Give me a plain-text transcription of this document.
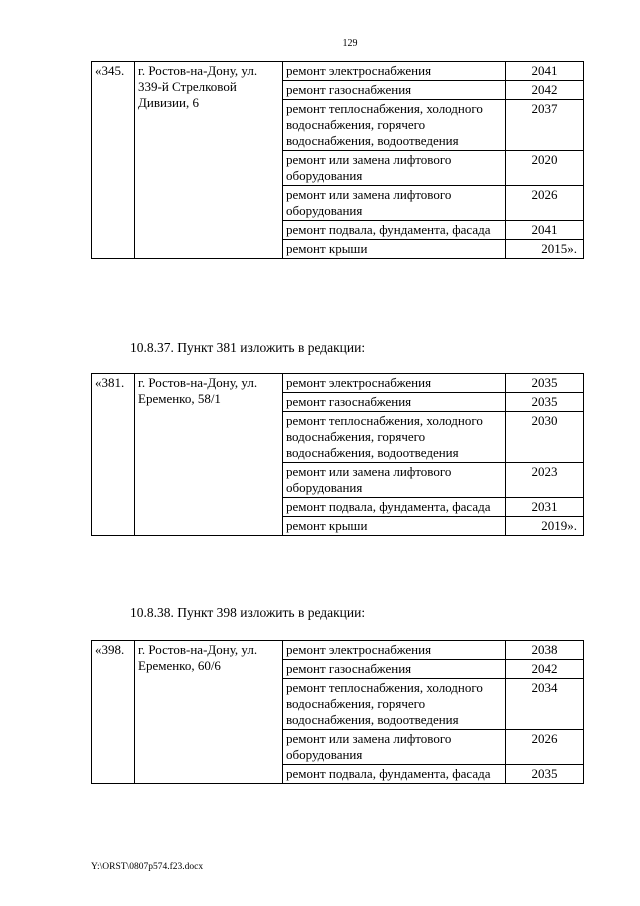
129
«345.	г. Ростов-на-Дону, ул. 339-й Стрелковой Дивизии, 6	ремонт электроснабжения	2041
		ремонт газоснабжения	2042
		ремонт теплоснабжения, холодного водоснабжения, горячего водоснабжения, водоотведения	2037
		ремонт или замена лифтового оборудования	2020
		ремонт или замена лифтового оборудования	2026
		ремонт подвала, фундамента, фасада	2041
		ремонт крыши	2015».
10.8.37. Пункт 381 изложить в редакции:
«381.	г. Ростов-на-Дону, ул. Еременко, 58/1	ремонт электроснабжения	2035
		ремонт газоснабжения	2035
		ремонт теплоснабжения, холодного водоснабжения, горячего водоснабжения, водоотведения	2030
		ремонт или замена лифтового оборудования	2023
		ремонт подвала, фундамента, фасада	2031
		ремонт крыши	2019».
10.8.38. Пункт 398 изложить в редакции:
«398.	г. Ростов-на-Дону, ул. Еременко, 60/6	ремонт электроснабжения	2038
		ремонт газоснабжения	2042
		ремонт теплоснабжения, холодного водоснабжения, горячего водоснабжения, водоотведения	2034
		ремонт или замена лифтового оборудования	2026
		ремонт подвала, фундамента, фасада	2035
Y:\ORST\0807p574.f23.docx
